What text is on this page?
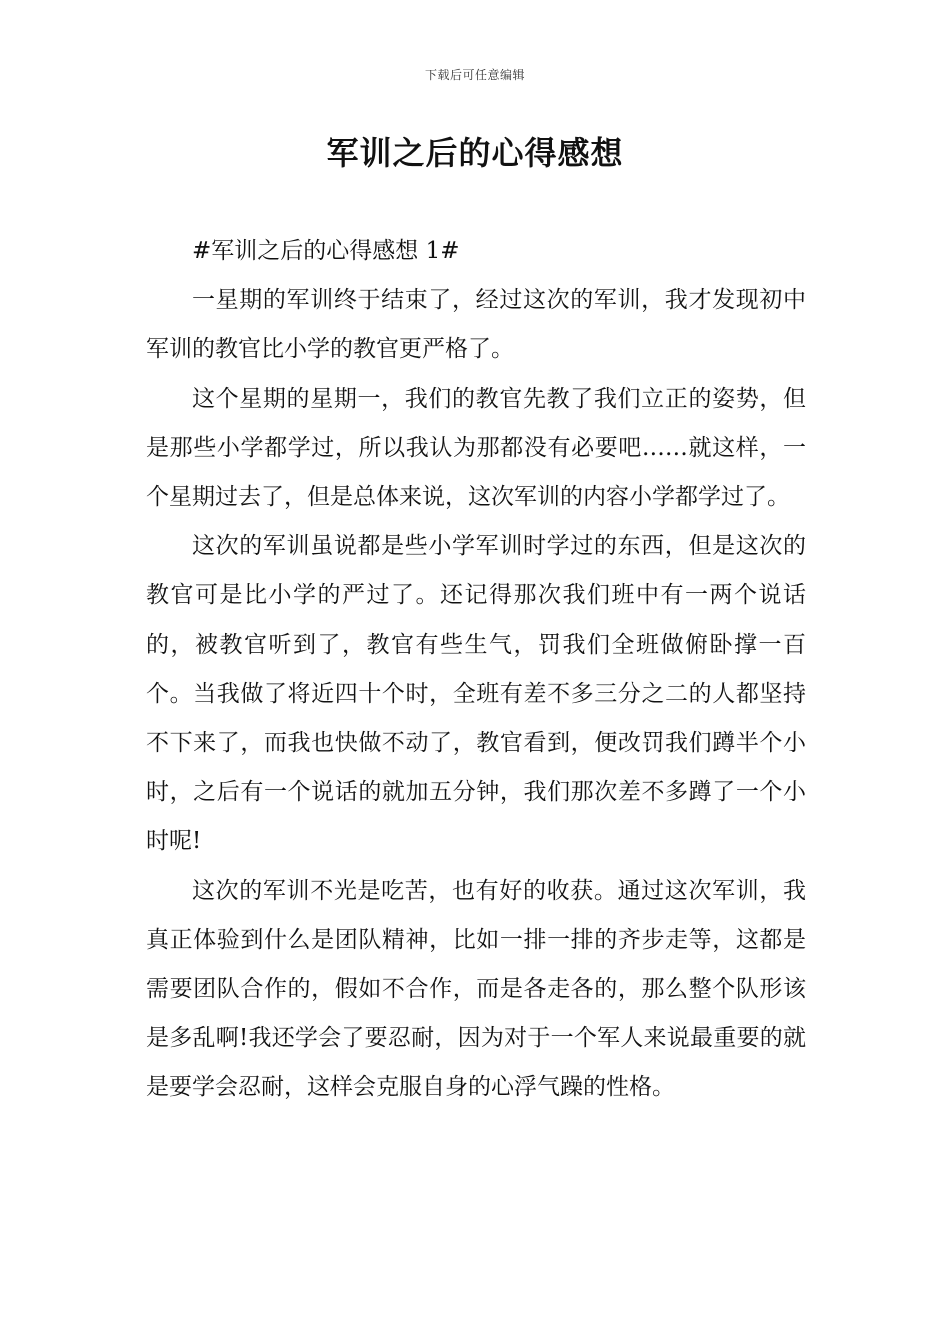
下载后可任意编辑
军训之后的心得感想

#军训之后的心得感想 1#

一星期的军训终于结束了，经过这次的军训，我才发现初中军训的教官比小学的教官更严格了。

这个星期的星期一，我们的教官先教了我们立正的姿势，但是那些小学都学过，所以我认为那都没有必要吧……就这样，一个星期过去了，但是总体来说，这次军训的内容小学都学过了。

这次的军训虽说都是些小学军训时学过的东西，但是这次的教官可是比小学的严过了。还记得那次我们班中有一两个说话的，被教官听到了，教官有些生气，罚我们全班做俯卧撑一百个。当我做了将近四十个时，全班有差不多三分之二的人都坚持不下来了，而我也快做不动了，教官看到，便改罚我们蹲半个小时，之后有一个说话的就加五分钟，我们那次差不多蹲了一个小时呢!

这次的军训不光是吃苦，也有好的收获。通过这次军训，我真正体验到什么是团队精神，比如一排一排的齐步走等，这都是需要团队合作的，假如不合作，而是各走各的，那么整个队形该是多乱啊!我还学会了要忍耐，因为对于一个军人来说最重要的就是要学会忍耐，这样会克服自身的心浮气躁的性格。
